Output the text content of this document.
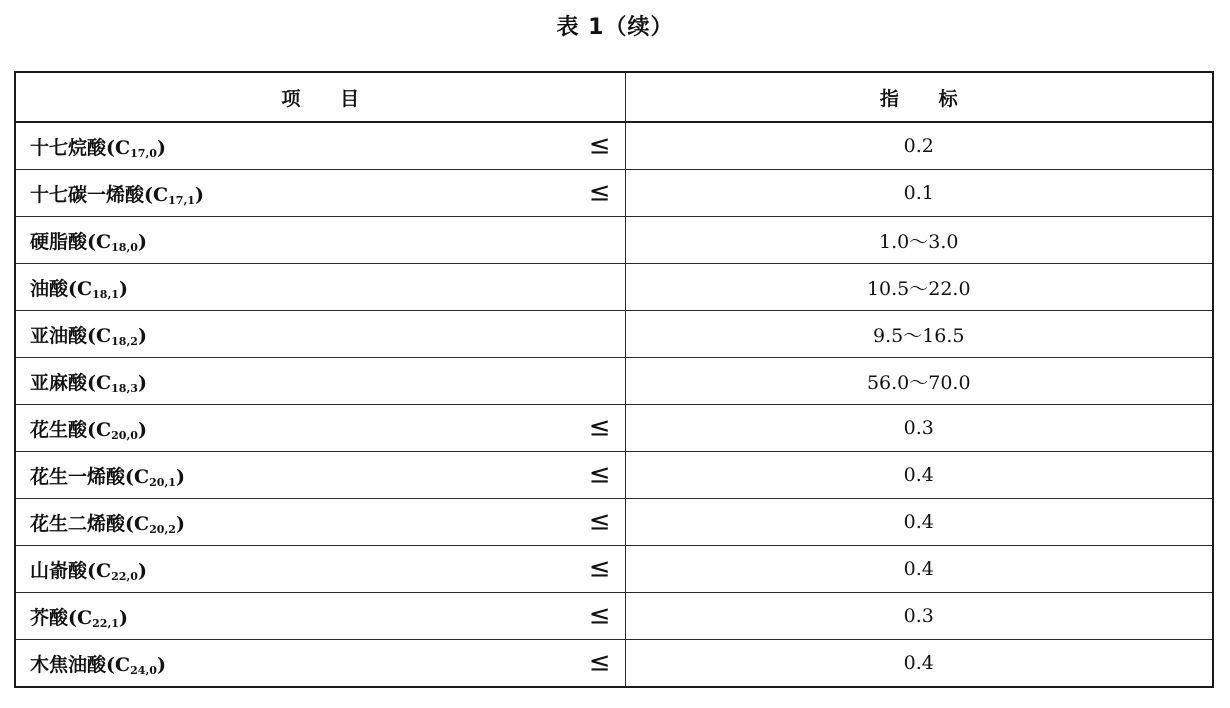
表 1（续）
项      目	指      标
十七烷酸$(C_{17,0})$ ≤	0.2
十七碳一烯酸$(C_{17,1})$ ≤	0.1
硬脂酸$(C_{18,0})$	1.0～3.0
油酸$(C_{18,1})$	10.5～22.0
亚油酸$(C_{18,2})$	9.5～16.5
亚麻酸$(C_{18,3})$	56.0～70.0
花生酸$(C_{20,0})$ ≤	0.3
花生一烯酸$(C_{20,1})$ ≤	0.4
花生二烯酸$(C_{20,2})$ ≤	0.4
山嵛酸$(C_{22,0})$ ≤	0.4
芥酸$(C_{22,1})$ ≤	0.3
木焦油酸$(C_{24,0})$ ≤	0.4
